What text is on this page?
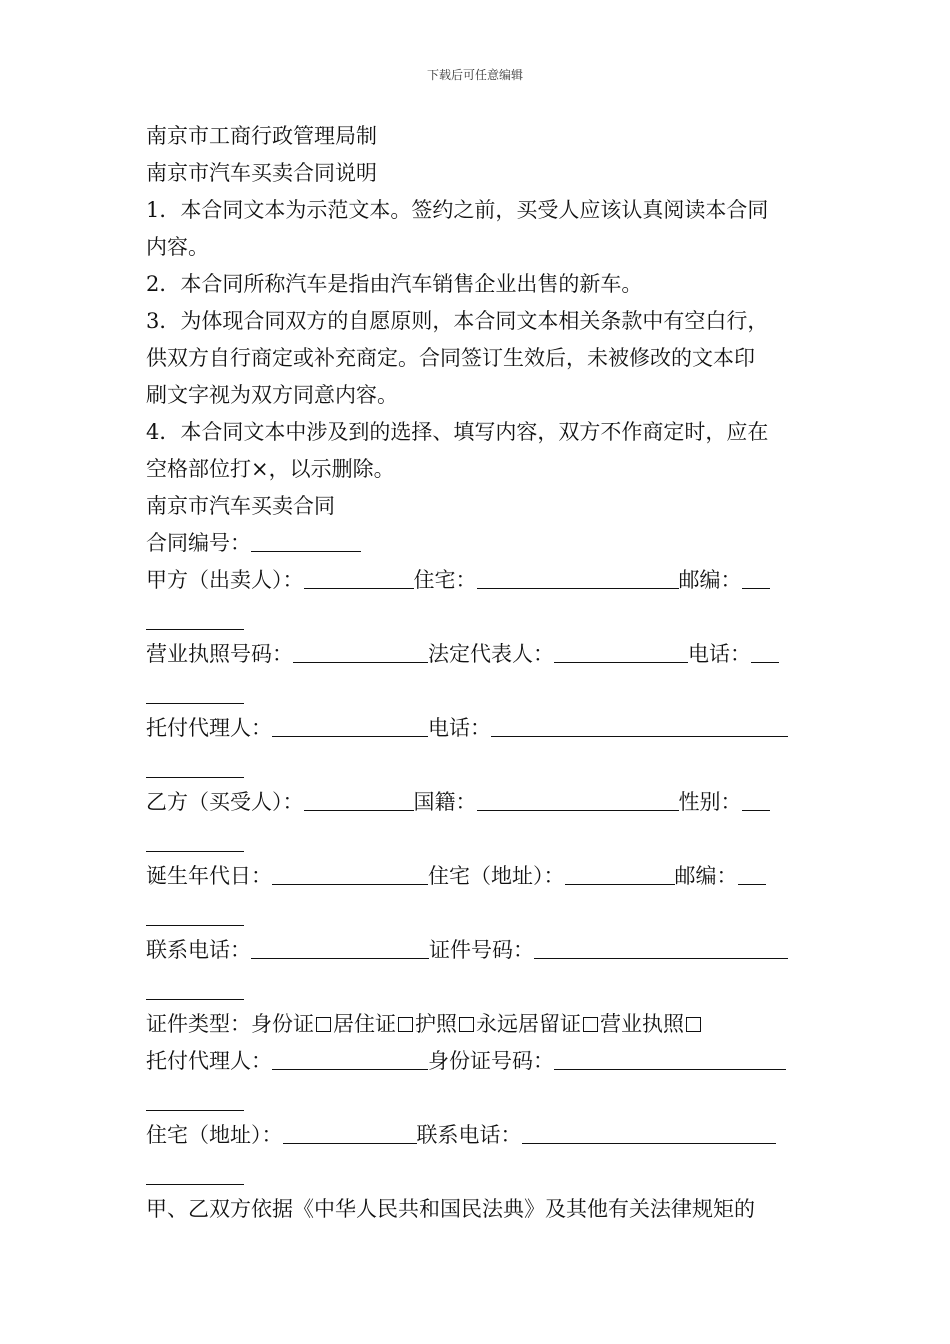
下载后可任意编辑
南京市工商行政管理局制
南京市汽车买卖合同说明
1．本合同文本为示范文本。签约之前，买受人应该认真阅读本合同
内容。
2．本合同所称汽车是指由汽车销售企业出售的新车。
3．为体现合同双方的自愿原则，本合同文本相关条款中有空白行，
供双方自行商定或补充商定。合同签订生效后，未被修改的文本印
刷文字视为双方同意内容。
4．本合同文本中涉及到的选择、填写内容，双方不作商定时，应在
空格部位打×，以示删除。
南京市汽车买卖合同
合同编号：
甲方（出卖人）：	住宅：	邮编：
营业执照号码：	法定代表人：	电话：
托付代理人：	电话：
乙方（买受人）：	国籍：	性别：
诞生年代日：	住宅（地址）：	邮编：
联系电话：	证件号码：
证件类型：身份证 居住证 护照 永远居留证 营业执照
托付代理人：	身份证号码：
住宅（地址）：	联系电话：
甲、乙双方依据《中华人民共和国民法典》及其他有关法律规矩的
